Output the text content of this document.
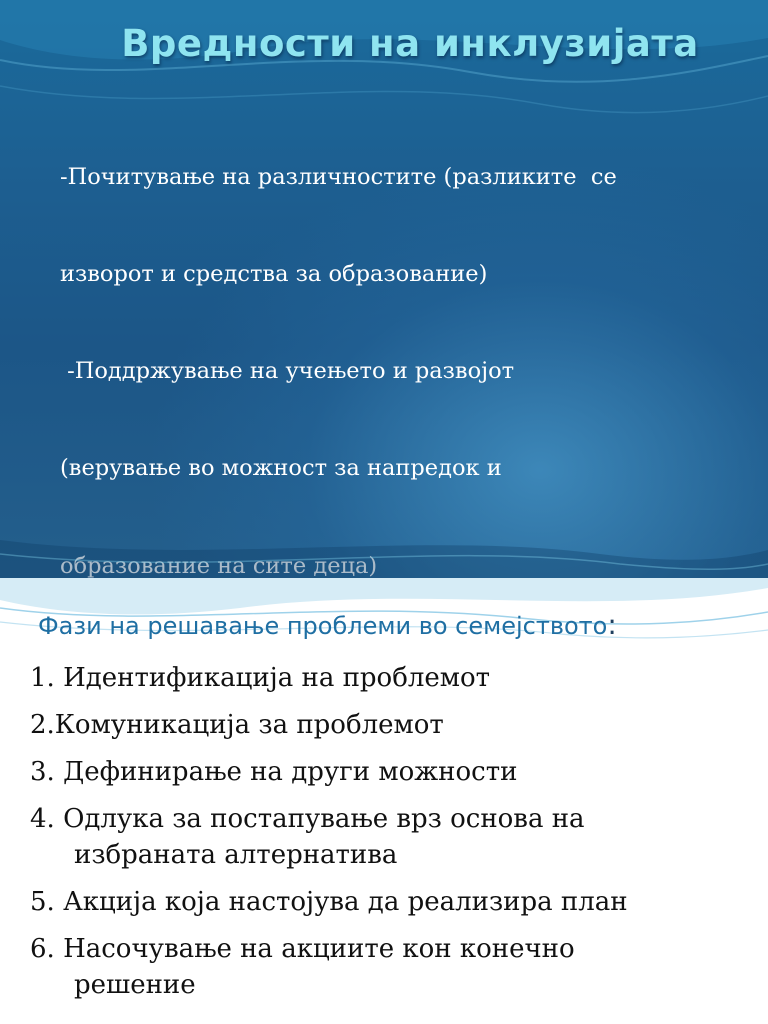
Вредности на инклузијата

-Почитување на различностите (разликите  се

изворот и средства за образование)

-Поддржување на учењето и развојот

(верување во можност за напредок и

образование на сите деца)

Фази на решавање проблеми во семејството:
1. Идентификација на проблемот
2.Комуникација за проблемот
3. Дефинирање на други можности
4. Одлука за постапување врз основа на
избраната алтернатива
5. Акција која настојува да реализира план
6. Насочување на акциите кон конечно
решение
